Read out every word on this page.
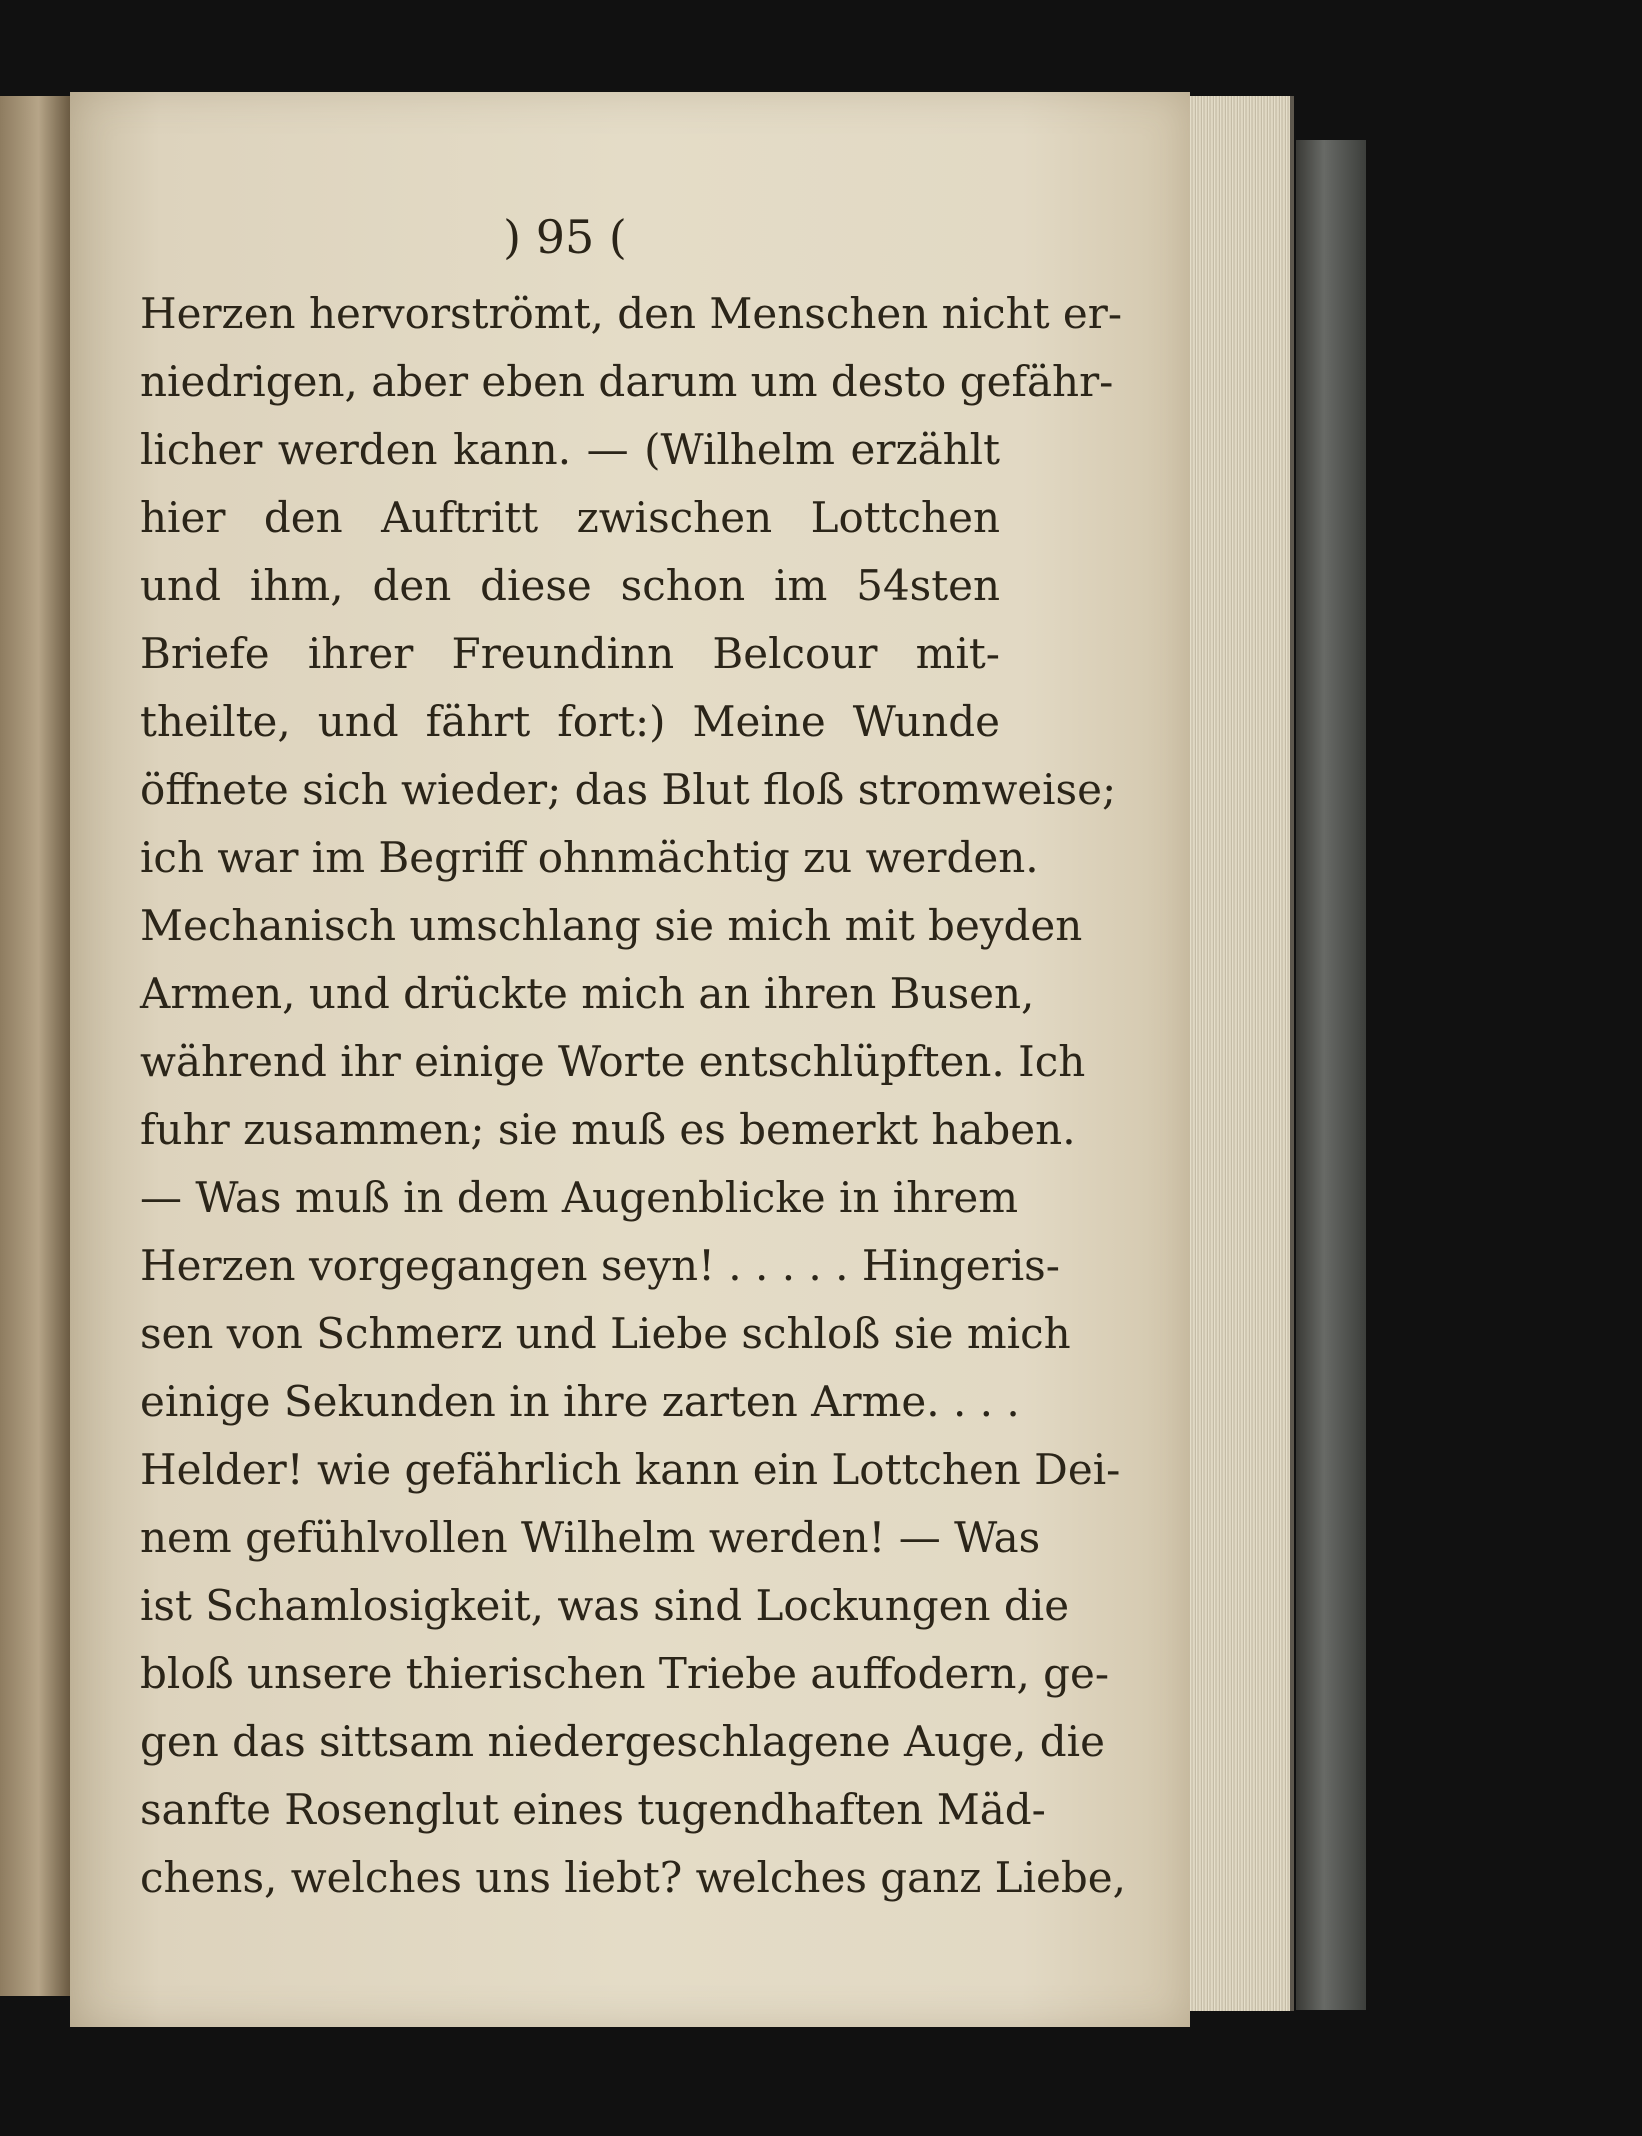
) 95 (
Herzen hervorströmt, den Menschen nicht er-
niedrigen, aber eben darum um desto gefähr-
licher werden kann. — (Wilhelm erzählt
hier den Auftritt zwischen Lottchen
und ihm, den diese schon im 54sten
Briefe ihrer Freundinn Belcour mit-
theilte, und fährt fort:) Meine Wunde
öffnete sich wieder; das Blut floß stromweise;
ich war im Begriff ohnmächtig zu werden.
Mechanisch umschlang sie mich mit beyden
Armen, und drückte mich an ihren Busen,
während ihr einige Worte entschlüpften. Ich
fuhr zusammen; sie muß es bemerkt haben.
— Was muß in dem Augenblicke in ihrem
Herzen vorgegangen seyn! . . . . . Hingeris-
sen von Schmerz und Liebe schloß sie mich
einige Sekunden in ihre zarten Arme. . . .
Helder! wie gefährlich kann ein Lottchen Dei-
nem gefühlvollen Wilhelm werden! — Was
ist Schamlosigkeit, was sind Lockungen die
bloß unsere thierischen Triebe auffodern, ge-
gen das sittsam niedergeschlagene Auge, die
sanfte Rosenglut eines tugendhaften Mäd-
chens, welches uns liebt? welches ganz Liebe,
